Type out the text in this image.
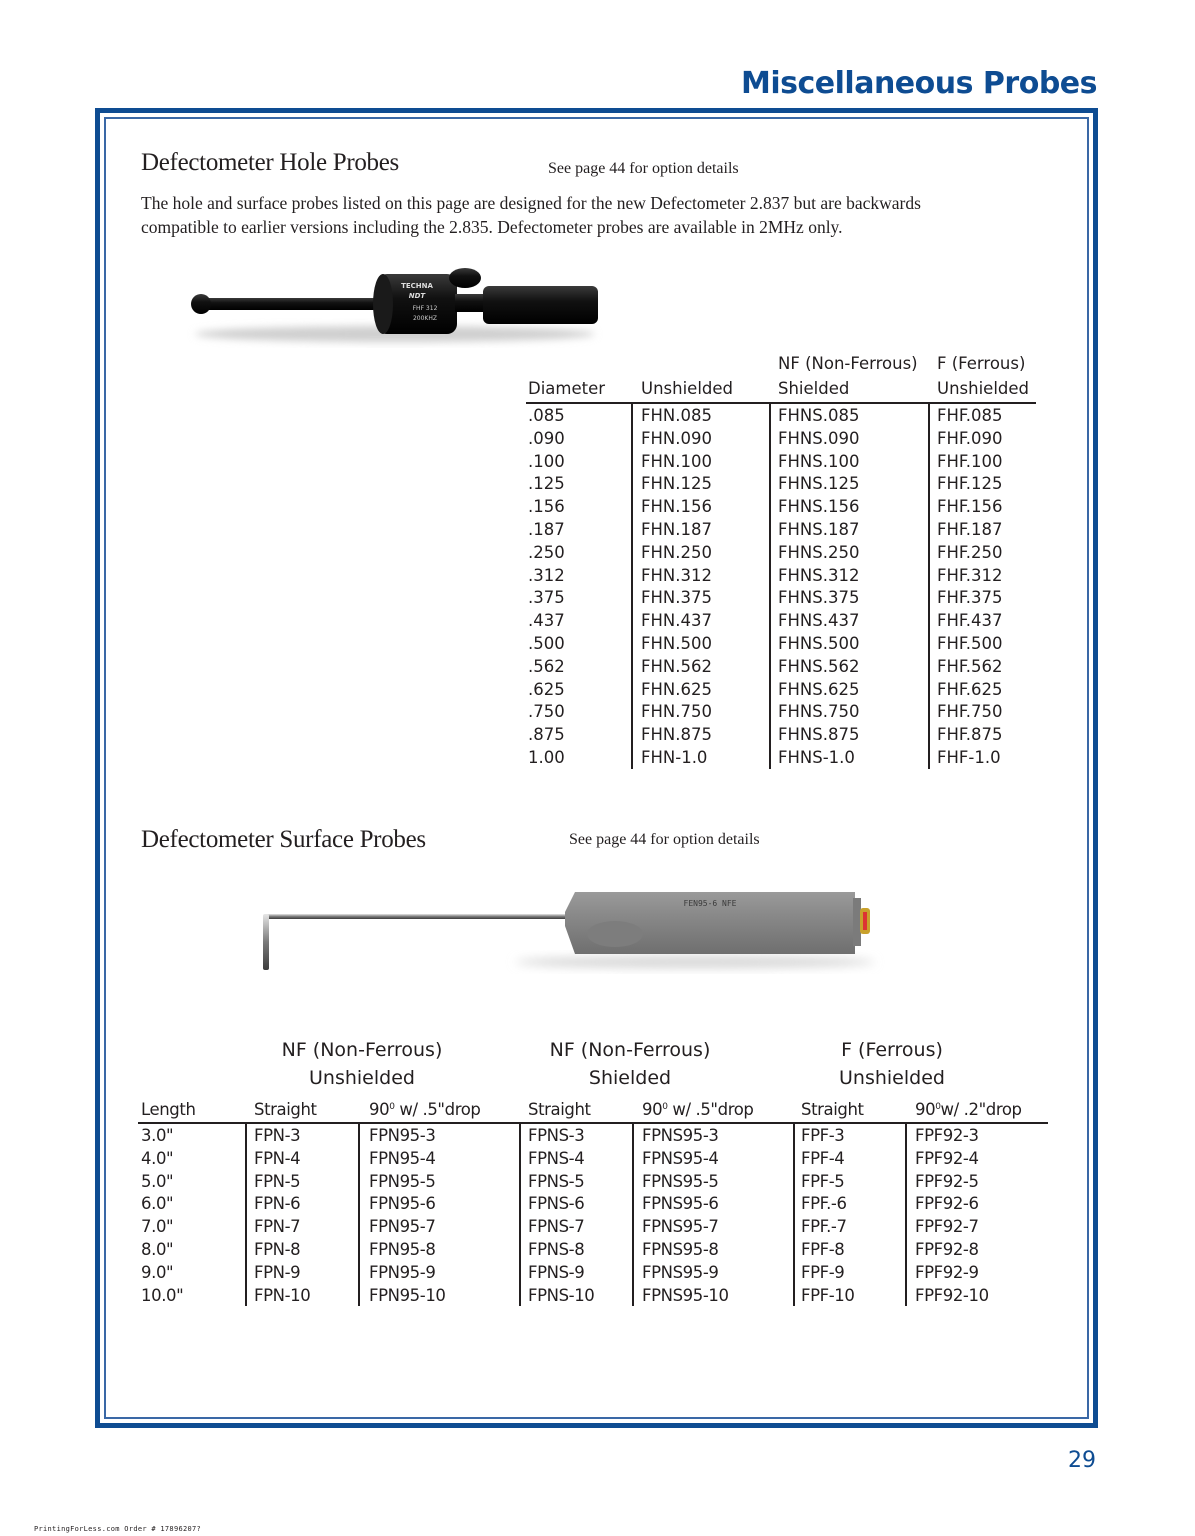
Miscellaneous Probes
Defectometer Hole Probes	See page 44 for option details
The hole and surface probes listed on this page are designed for the new Defectometer 2.837 but are backwards
compatible to earlier versions including the 2.835. Defectometer probes are available in 2MHz only.
TECHNA
NDT
FHF 312
200KHZ
NF (Non-Ferrous) F (Ferrous)
Diameter Unshielded	Shielded	Unshielded
.085	FHN.085	FHNS.085	FHF.085
.090	FHN.090	FHNS.090	FHF.090
.100	FHN.100	FHNS.100	FHF.100
.125	FHN.125	FHNS.125	FHF.125
.156	FHN.156	FHNS.156	FHF.156
.187	FHN.187	FHNS.187	FHF.187
.250	FHN.250	FHNS.250	FHF.250
.312	FHN.312	FHNS.312	FHF.312
.375	FHN.375	FHNS.375	FHF.375
.437	FHN.437	FHNS.437	FHF.437
.500	FHN.500	FHNS.500	FHF.500
.562	FHN.562	FHNS.562	FHF.562
.625	FHN.625	FHNS.625	FHF.625
.750	FHN.750	FHNS.750	FHF.750
.875	FHN.875	FHNS.875	FHF.875
1.00	FHN-1.0	FHNS-1.0	FHF-1.0
Defectometer Surface Probes	See page 44 for option details
FEN95-6 NFE
NF (Non-Ferrous)
Unshielded
NF (Non-Ferrous)
Shielded
F (Ferrous)
Unshielded
Length	Straight	$90^0$ w/ .5"drop	Straight	$90^0$ w/ .5"drop	Straight	$90^0w/$ .2"drop
3.0"	FPN-3	FPN95-3	FPNS-3	FPNS95-3	FPF-3	FPF92-3
4.0"	FPN-4	FPN95-4	FPNS-4	FPNS95-4	FPF-4	FPF92-4
5.0"	FPN-5	FPN95-5	FPNS-5	FPNS95-5	FPF-5	FPF92-5
6.0"	FPN-6	FPN95-6	FPNS-6	FPNS95-6	FPF.-6	FPF92-6
7.0"	FPN-7	FPN95-7	FPNS-7	FPNS95-7	FPF.-7	FPF92-7
8.0"	FPN-8	FPN95-8	FPNS-8	FPNS95-8	FPF-8	FPF92-8
9.0"	FPN-9	FPN95-9	FPNS-9	FPNS95-9	FPF-9	FPF92-9
10.0"	FPN-10	FPN95-10	FPNS-10	FPNS95-10	FPF-10	FPF92-10
29
PrintingForLess.com Order # 17896207?
